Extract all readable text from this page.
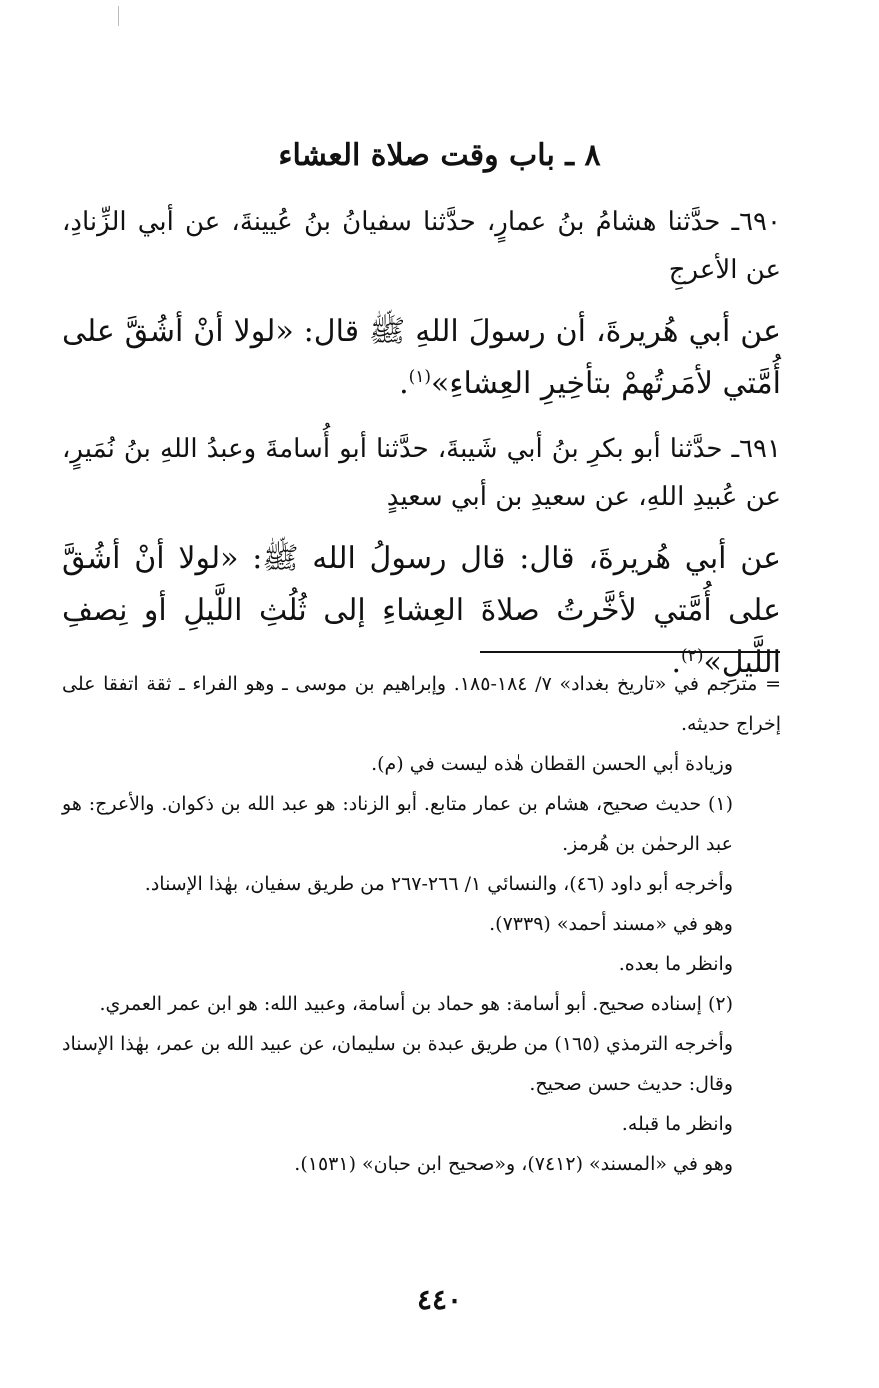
٨ ـ باب وقت صلاة العشاء
٦٩٠ـ حدَّثنا هشامُ بنُ عمارٍ، حدَّثنا سفيانُ بنُ عُيينةَ، عن أبي الزِّنادِ، عن الأعرجِ
عن أبي هُريرةَ، أن رسولَ اللهِ ﷺ قال: «لولا أنْ أشُقَّ على أُمَّتي لأمَرتُهمْ بتأخِيرِ العِشاءِ»$^{(١)}$.
٦٩١ـ حدَّثنا أبو بكرِ بنُ أبي شَيبةَ، حدَّثنا أبو أُسامةَ وعبدُ اللهِ بنُ نُمَيرٍ، عن عُبيدِ اللهِ، عن سعيدِ بن أبي سعيدٍ
عن أبي هُريرةَ، قال: قال رسولُ الله ﷺ: «لولا أنْ أشُقَّ على أُمَّتي لأخَّرتُ صلاةَ العِشاءِ إلى ثُلُثِ اللَّيلِ أو نِصفِ اللَّيلِ»$^{(٢)}$.

= مترجم في «تاريخ بغداد» ٧/ ١٨٤-١٨٥. وإبراهيم بن موسى ـ وهو الفراء ـ ثقة اتفقا على إخراج حديثه.

وزيادة أبي الحسن القطان هٰذه ليست في (م).

(١) حديث صحيح، هشام بن عمار متابع. أبو الزناد: هو عبد الله بن ذكوان. والأعرج: هو عبد الرحمٰن بن هُرمز.

وأخرجه أبو داود (٤٦)، والنسائي ١/ ٢٦٦-٢٦٧ من طريق سفيان، بهٰذا الإسناد.

وهو في «مسند أحمد» (٧٣٣٩).

وانظر ما بعده.

(٢) إسناده صحيح. أبو أسامة: هو حماد بن أسامة، وعبيد الله: هو ابن عمر العمري.

وأخرجه الترمذي (١٦٥) من طريق عبدة بن سليمان، عن عبيد الله بن عمر، بهٰذا الإسناد وقال: حديث حسن صحيح.

وانظر ما قبله.

وهو في «المسند» (٧٤١٢)، و«صحيح ابن حبان» (١٥٣١).

٤٤٠
